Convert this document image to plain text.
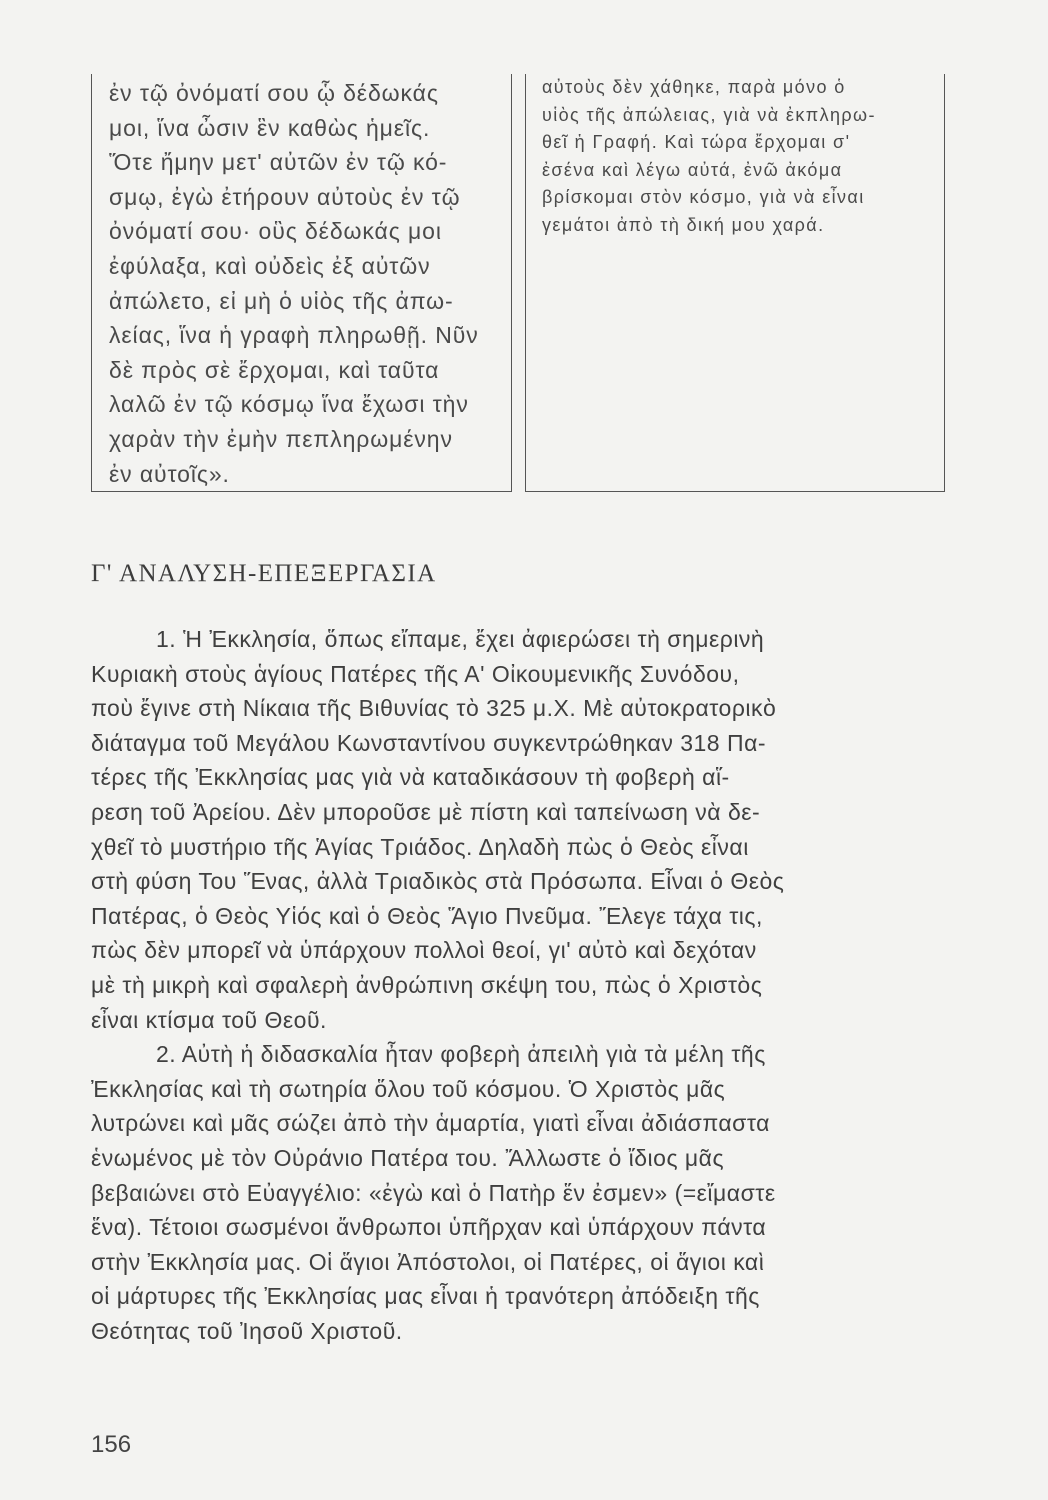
ἐν τῷ ὀνόματί σου ᾧ δέδωκάς
μοι, ἵνα ὦσιν ἓν καθὼς ἡμεῖς.
Ὅτε ἤμην μετ' αὐτῶν ἐν τῷ κό-
σμῳ, ἐγὼ ἐτήρουν αὐτοὺς ἐν τῷ
ὀνόματί σου· οὓς δέδωκάς μοι
ἐφύλαξα, καὶ οὐδεὶς ἐξ αὐτῶν
ἀπώλετο, εἰ μὴ ὁ υἱὸς τῆς ἀπω-
λείας, ἵνα ἡ γραφὴ πληρωθῇ. Νῦν
δὲ πρὸς σὲ ἔρχομαι, καὶ ταῦτα
λαλῶ ἐν τῷ κόσμῳ ἵνα ἔχωσι τὴν
χαρὰν τὴν ἐμὴν πεπληρωμένην
ἐν αὐτοῖς».
αὐτοὺς δὲν χάθηκε, παρὰ μόνο ὁ
υἱὸς τῆς ἀπώλειας, γιὰ νὰ ἐκπληρω-
θεῖ ἡ Γραφή. Καὶ τώρα ἔρχομαι σ'
ἐσένα καὶ λέγω αὐτά, ἐνῶ ἀκόμα
βρίσκομαι στὸν κόσμο, γιὰ νὰ εἶναι
γεμάτοι ἀπὸ τὴ δική μου χαρά.
Γ' ΑΝΑΛΥΣΗ-ΕΠΕΞΕΡΓΑΣΙΑ
1. Ἡ Ἐκκλησία, ὅπως εἴπαμε, ἔχει ἀφιερώσει τὴ σημερινὴ
Κυριακὴ στοὺς ἁγίους Πατέρες τῆς Α' Οἰκουμενικῆς Συνόδου,
ποὺ ἔγινε στὴ Νίκαια τῆς Βιθυνίας τὸ 325 μ.Χ. Μὲ αὐτοκρατορικὸ
διάταγμα τοῦ Μεγάλου Κωνσταντίνου συγκεντρώθηκαν 318 Πα-
τέρες τῆς Ἐκκλησίας μας γιὰ νὰ καταδικάσουν τὴ φοβερὴ αἵ-
ρεση τοῦ Ἀρείου. Δὲν μποροῦσε μὲ πίστη καὶ ταπείνωση νὰ δε-
χθεῖ τὸ μυστήριο τῆς Ἁγίας Τριάδος. Δηλαδὴ πὼς ὁ Θεὸς εἶναι
στὴ φύση Του Ἕνας, ἀλλὰ Τριαδικὸς στὰ Πρόσωπα. Εἶναι ὁ Θεὸς
Πατέρας, ὁ Θεὸς Υἱός καὶ ὁ Θεὸς Ἅγιο Πνεῦμα. Ἔλεγε τάχα τις,
πὼς δὲν μπορεῖ νὰ ὑπάρχουν πολλοὶ θεοί, γι' αὐτὸ καὶ δεχόταν
μὲ τὴ μικρὴ καὶ σφαλερὴ ἀνθρώπινη σκέψη του, πὼς ὁ Χριστὸς
εἶναι κτίσμα τοῦ Θεοῦ.
2. Αὐτὴ ἡ διδασκαλία ἦταν φοβερὴ ἀπειλὴ γιὰ τὰ μέλη τῆς
Ἐκκλησίας καὶ τὴ σωτηρία ὅλου τοῦ κόσμου. Ὁ Χριστὸς μᾶς
λυτρώνει καὶ μᾶς σώζει ἀπὸ τὴν ἁμαρτία, γιατὶ εἶναι ἀδιάσπαστα
ἑνωμένος μὲ τὸν Οὐράνιο Πατέρα του. Ἄλλωστε ὁ ἴδιος μᾶς
βεβαιώνει στὸ Εὐαγγέλιο: «ἐγὼ καὶ ὁ Πατὴρ ἕν ἐσμεν» (=εἴμαστε
ἕνα). Τέτοιοι σωσμένοι ἄνθρωποι ὑπῆρχαν καὶ ὑπάρχουν πάντα
στὴν Ἐκκλησία μας. Οἱ ἅγιοι Ἀπόστολοι, οἱ Πατέρες, οἱ ἅγιοι καὶ
οἱ μάρτυρες τῆς Ἐκκλησίας μας εἶναι ἡ τρανότερη ἀπόδειξη τῆς
Θεότητας τοῦ Ἰησοῦ Χριστοῦ.
156
